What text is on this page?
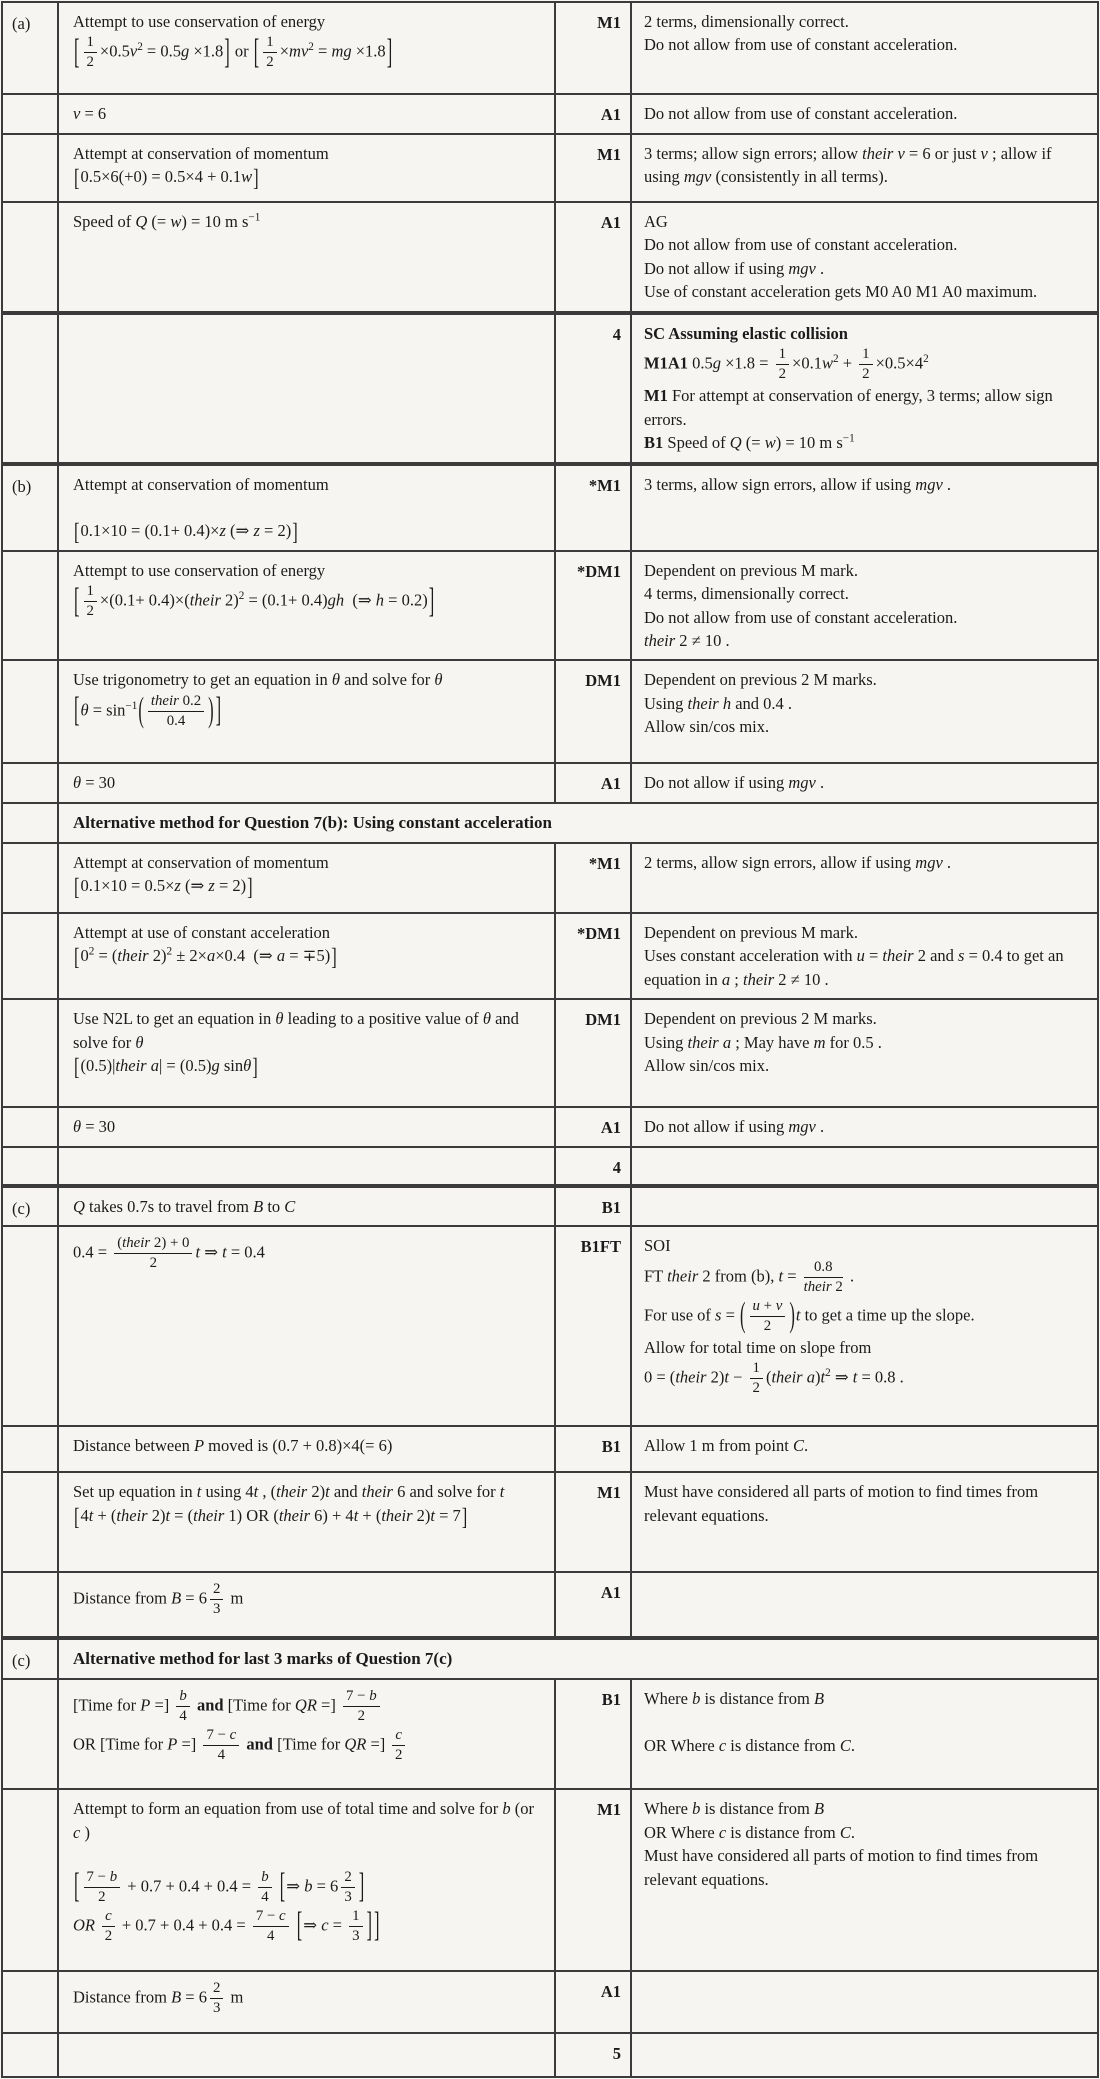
(a)	Attempt to use conservation of energy
[ $\frac{1}{2} \times 0.5v^2 = 0.5g \times 1.8$] or [ $\frac{1}{2} \times mv^2$ = mg ×1.8]
M1	2 terms, dimensionally correct.
Do not allow from use of constant acceleration.
v = 6	A1	Do not allow from use of constant acceleration.
Attempt at conservation of momentum
[0.5×6(+0) = 0.5×4 + 0.1w]
M1	3 terms; allow sign errors; allow their v = 6 or just v ; allow if using mgv (consistently in all terms).
Speed of Q (= w) = 10 m $s^{-1}$	A1	AG
Do not allow from use of constant acceleration.
Do not allow if using mgv .
Use of constant acceleration gets M0 A0 M1 A0 maximum.
4	SC Assuming elastic collision
M1A1 $0.5g \times 1.8 = \frac{1}{2} \times 0.1w^2 + \frac{1}{2} \times 0.5\times 4^2$
M1 For attempt at conservation of energy, 3 terms; allow sign errors.
B1 Speed of Q (= w) = 10 m $s^{-1}$
(b)	Attempt at conservation of momentum

[0.1×10 = (0.1+ 0.4)×z (⇒ z = 2)]
*M1	3 terms, allow sign errors, allow if using mgv .
Attempt to use conservation of energy
[ $\frac{1}{2} \times(0.1+$ 0.4)×(their 2)$^2$ = (0.1+ 0.4)gh (⇒ h = 0.2)]
*DM1	Dependent on previous M mark.
4 terms, dimensionally correct.
Do not allow from use of constant acceleration.
their 2 ≠ 10 .
Use trigonometry to get an equation in θ and solve for θ
[$\theta = \sin^{-1}( \frac{\text{their 0.2}}{0.4}$ ) ]
DM1	Dependent on previous 2 M marks.
Using their h and 0.4 .
Allow sin/cos mix.
θ = 30	A1	Do not allow if using mgv .
Alternative method for Question 7(b): Using constant acceleration
Attempt at conservation of momentum
[0.1×10 = 0.5×z (⇒ z = 2)]
*M1	2 terms, allow sign errors, allow if using mgv .
Attempt at use of constant acceleration
[$0^2$ = (their 2)$^2$ ± 2×a×0.4 (⇒ a = ∓5)]
*DM1	Dependent on previous M mark.
Uses constant acceleration with u = their 2 and s = 0.4 to get an equation in a ; their 2 ≠ 10 .
Use N2L to get an equation in θ leading to a positive value of θ and solve for θ
[(0.5)|their a| = (0.5)g sinθ]
DM1	Dependent on previous 2 M marks.
Using their a ; May have m for 0.5 .
Allow sin/cos mix.
θ = 30	A1	Do not allow if using mgv .
4
(c)	Q takes 0.7s to travel from B to C	B1
$0.4 = \frac{\text{(their 2) + 0}}{2}$ t ⇒ t = 0.4	B1FT	SOI
FT their 2 from (b), $t = \frac{0.8}{\text{their 2}}$ .
For use of s = ( $\frac{u + v}{2} )t$ to get a time up the slope.
Allow for total time on slope from
0 = (their $2)t - \frac{1}{2}$ (their $a)t^2$ ⇒ t = 0.8 .
Distance between P moved is (0.7 + 0.8)×4(= 6)	B1	Allow 1 m from point C.
Set up equation in t using 4t , (their 2)t and their 6 and solve for t
[4t + (their 2)t = (their 1) OR (their 6) + 4t + (their 2)t = 7]
M1	Must have considered all parts of motion to find times from relevant equations.
Distance from $B = 6 \frac{2}{3}$ m	A1
(c)	Alternative method for last 3 marks of Question 7(c)
[Time for P =] $\frac{b}{4}$ and [Time for QR =] $\frac{7 - b}{2}$

OR [Time for P =] $\frac{7 - c}{4}$ and [Time for QR =] $\frac{c}{2}$
B1	Where b is distance from B

OR Where c is distance from C.
Attempt to form an equation from use of total time and solve for b (or c )

[ $\frac{7 - b}{2} + 0.7 + 0.4 + 0.4 = \frac{b}{4}$ [⇒ $b = 6 \frac{2}{3}$ ]
OR $\frac{c}{2} + 0.7 + 0.4 + 0.4 = \frac{7 - c}{4}$ [⇒ $c = \frac{1}{3}$ ] ]
M1	Where b is distance from B
OR Where c is distance from C.
Must have considered all parts of motion to find times from relevant equations.
Distance from $B = 6 \frac{2}{3}$ m	A1
5
